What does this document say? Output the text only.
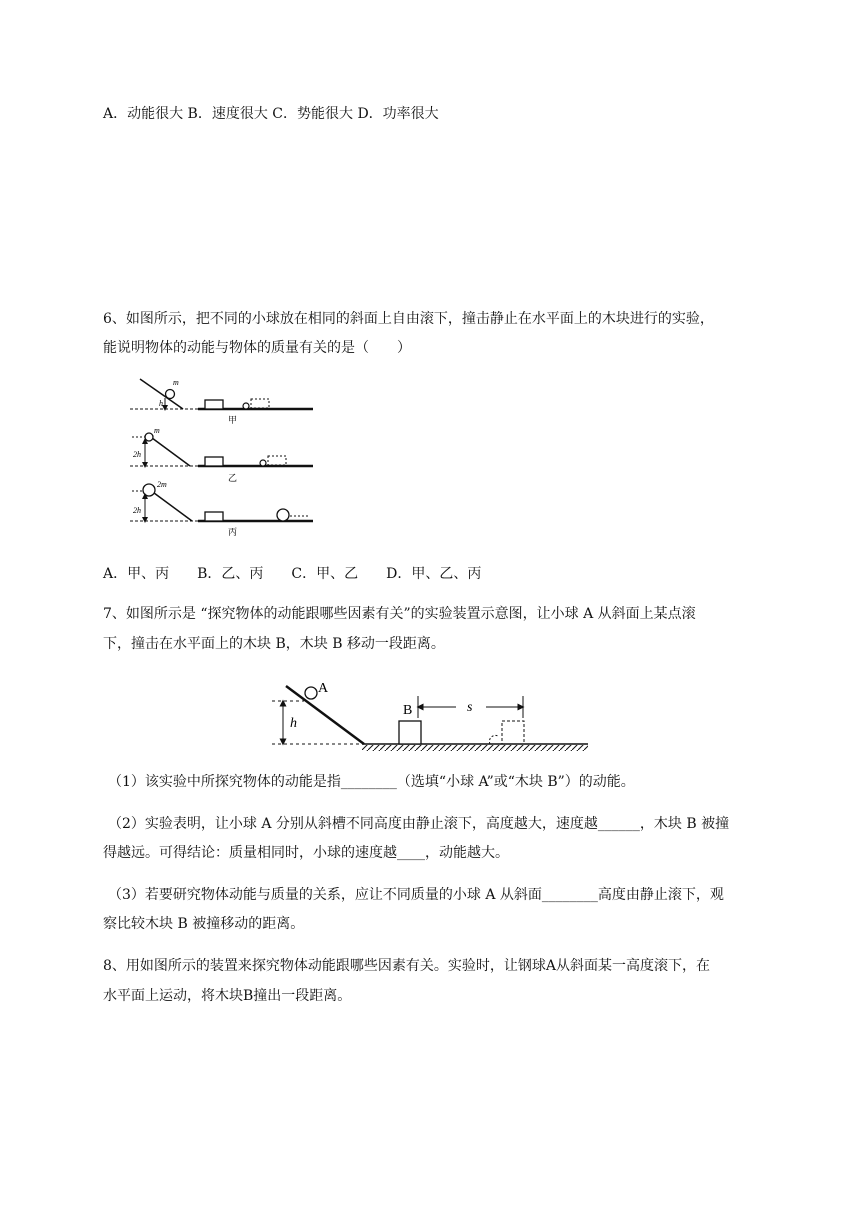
A．动能很大 B．速度很大 C．势能很大 D．功率很大
6、如图所示，把不同的小球放在相同的斜面上自由滚下，撞击静止在水平面上的木块进行的实验，
能说明物体的动能与物体的质量有关的是（　　）
m
h
甲
m
2h
乙
2m
2h
丙
A．甲、丙　　B．乙、丙　　C．甲、乙　　D．甲、乙、丙
7、如图所示是 “探究物体的动能跟哪些因素有关”的实验装置示意图，让小球 A 从斜面上某点滚
下，撞击在水平面上的木块 B，木块 B 移动一段距离。
A
h
B	s
（1）该实验中所探究物体的动能是指________（选填“小球 A”或“木块 B”）的动能。
（2）实验表明，让小球 A 分别从斜槽不同高度由静止滚下，高度越大，速度越______，木块 B 被撞
得越远。可得结论：质量相同时，小球的速度越____，动能越大。
（3）若要研究物体动能与质量的关系，应让不同质量的小球 A 从斜面________高度由静止滚下，观
察比较木块 B 被撞移动的距离。
8、用如图所示的装置来探究物体动能跟哪些因素有关。实验时，让钢球A从斜面某一高度滚下，在
水平面上运动，将木块B撞出一段距离。
